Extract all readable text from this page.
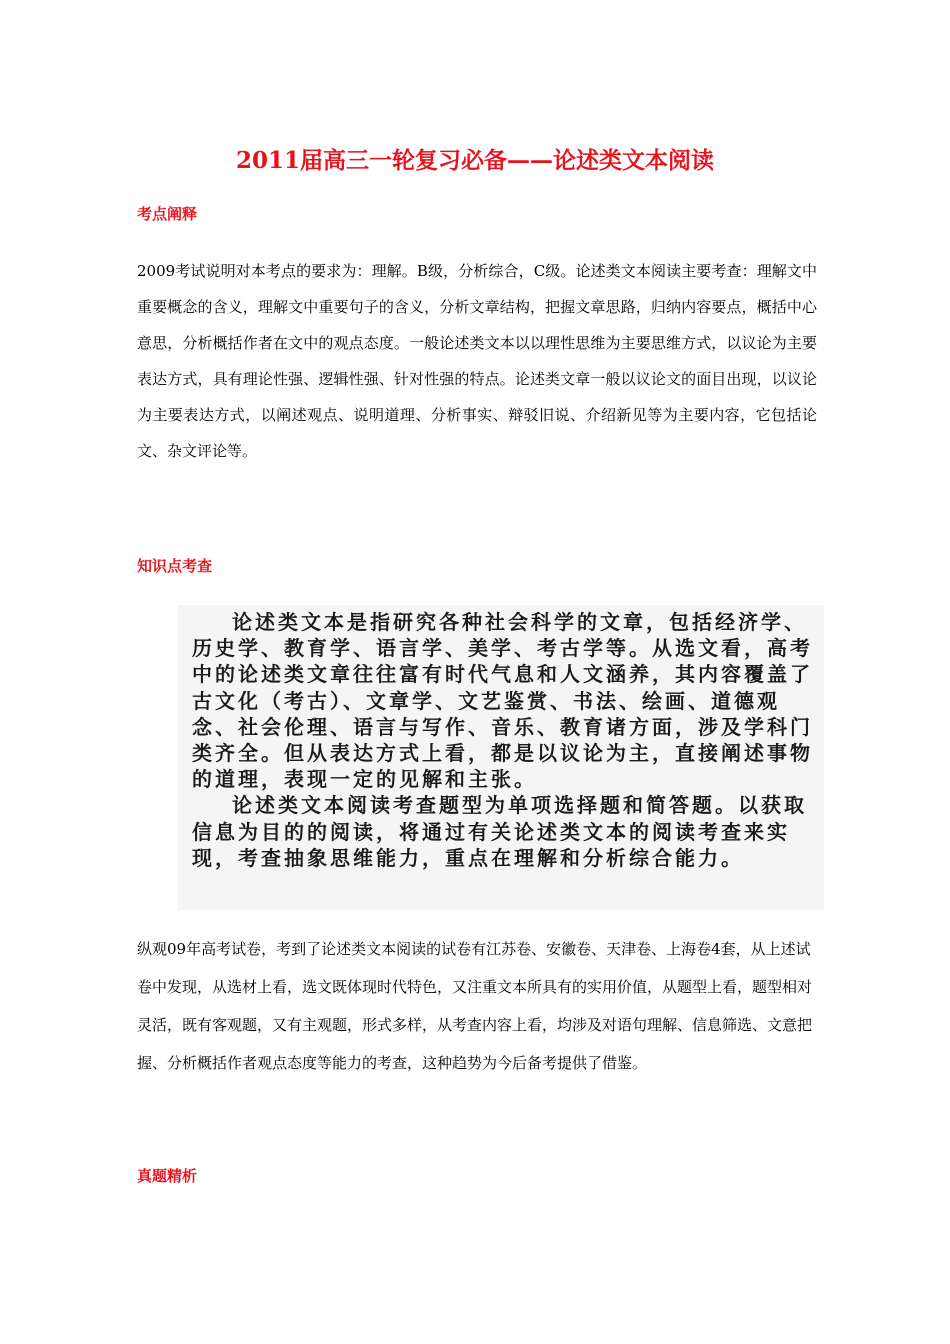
2011届高三一轮复习必备——论述类文本阅读
考点阐释

2009考试说明对本考点的要求为：理解。B级，分析综合，C级。论述类文本阅读主要考查：理解文中重要概念的含义，理解文中重要句子的含义，分析文章结构，把握文章思路，归纳内容要点，概括中心意思，分析概括作者在文中的观点态度。一般论述类文本以以理性思维为主要思维方式，以议论为主要表达方式，具有理论性强、逻辑性强、针对性强的特点。论述类文章一般以议论文的面目出现，以议论为主要表达方式，以阐述观点、说明道理、分析事实、辩驳旧说、介绍新见等为主要内容，它包括论文、杂文评论等。

知识点考查

论述类文本是指研究各种社会科学的文章，包括经济学、历史学、教育学、语言学、美学、考古学等。从选文看，高考中的论述类文章往往富有时代气息和人文涵养，其内容覆盖了古文化（考古）、文章学、文艺鉴赏、书法、绘画、道德观念、社会伦理、语言与写作、音乐、教育诸方面，涉及学科门类齐全。但从表达方式上看，都是以议论为主，直接阐述事物的道理，表现一定的见解和主张。

论述类文本阅读考查题型为单项选择题和简答题。以获取信息为目的的阅读，将通过有关论述类文本的阅读考查来实现，考查抽象思维能力，重点在理解和分析综合能力。

纵观09年高考试卷，考到了论述类文本阅读的试卷有江苏卷、安徽卷、天津卷、上海卷4套，从上述试卷中发现，从选材上看，选文既体现时代特色，又注重文本所具有的实用价值，从题型上看，题型相对灵活，既有客观题，又有主观题，形式多样，从考查内容上看，均涉及对语句理解、信息筛选、文意把握、分析概括作者观点态度等能力的考查，这种趋势为今后备考提供了借鉴。

真题精析
